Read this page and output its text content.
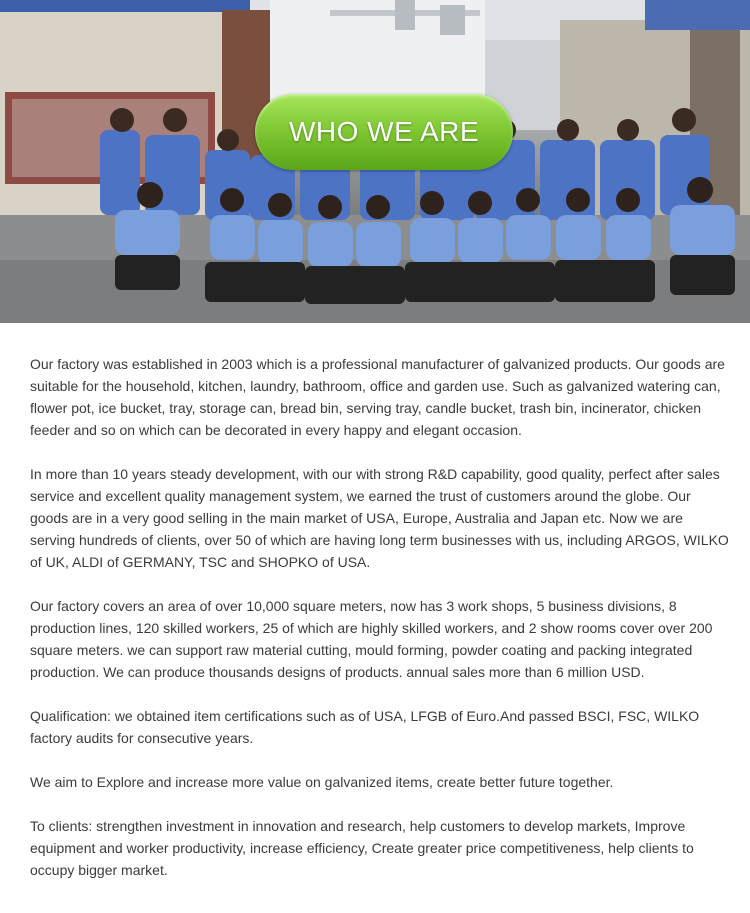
WHO WE ARE

Our factory was established in 2003 which is a professional manufacturer of galvanized products. Our goods are suitable for the household, kitchen, laundry, bathroom, office and garden use. Such as galvanized watering can, flower pot, ice bucket, tray, storage can, bread bin, serving tray, candle bucket, trash bin, incinerator, chicken feeder and so on which can be decorated in every happy and elegant occasion.

In more than 10 years steady development, with our with strong R&D capability, good quality, perfect after sales service and excellent quality management system, we earned the trust of customers around the globe. Our goods are in a very good selling in the main market of USA, Europe, Australia and Japan etc. Now we are serving hundreds of clients, over 50 of which are having long term businesses with us, including ARGOS, WILKO of UK, ALDI of GERMANY, TSC and SHOPKO of USA.

Our factory covers an area of over 10,000 square meters, now has 3 work shops, 5 business divisions, 8 production lines, 120 skilled workers, 25 of which are highly skilled workers, and 2 show rooms cover over 200 square meters. we can support raw material cutting, mould forming, powder coating and packing integrated production. We can produce thousands designs of products. annual sales more than 6 million USD.

Qualification: we obtained item certifications such as of USA, LFGB of Euro.And passed BSCI, FSC, WILKO factory audits for consecutive years.

We aim to Explore and increase more value on galvanized items, create better future together.

To clients: strengthen investment in innovation and research, help customers to develop markets, Improve equipment and worker productivity, increase efficiency, Create greater price competitiveness, help clients to occupy bigger market.
